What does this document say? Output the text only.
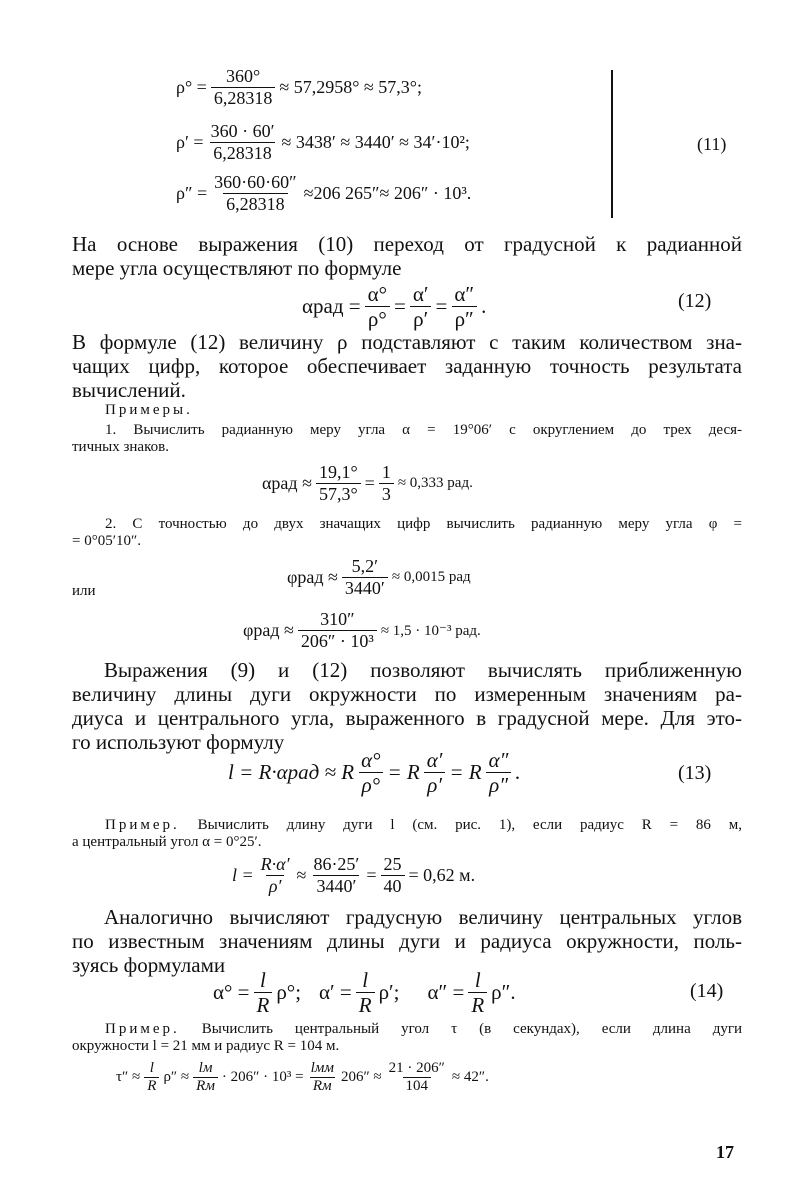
$\rho^\circ = \frac{360^\circ}{6,28318} \approx 57,2958^\circ \approx 57,3^\circ$;
$\rho' = \frac{360 \cdot 60'}{6,28318} \approx 3438' \approx 3440' \approx 34'\cdot 10^2$;
$\rho'' = \frac{360\cdot 60\cdot 60''}{6,28318} \approx 206$ 265″≈ 206″ · 10³.
(11)
На основе выражения (10) переход от градусной к радианной
мере угла осуществляют по формуле
$\alpha рад = \frac{\alpha^\circ}{\rho^\circ} = \frac{\alpha'}{\rho'} = \frac{\alpha''}{\rho''}$ .	(12)
В формуле (12) величину ρ подставляют с таким количеством зна-
чащих цифр, которое обеспечивает заданную точность результата
вычислений.
Примеры.
1. Вычислить радианную меру угла α = 19°06′ с округлением до трех деся-
тичных знаков.
$\alpha рад \approx \frac{19,1^\circ}{57,3^\circ} = \frac{1}{3} \approx 0,333$ рад.
2. С точностью до двух значащих цифр вычислить радианную меру угла φ =
= 0°05′10″.
$\varphi рад \approx \frac{5,2'}{3440'} \approx 0,0015$ рад
или
$\varphi рад \approx \frac{310''}{\text{206″ · 10³}} \approx 1,5 \cdot 10^{-3}$ рад.
Выражения (9) и (12) позволяют вычислять приближенную
величину длины дуги окружности по измеренным значениям ра-
диуса и центрального угла, выраженного в градусной мере. Для это-
го используют формулу
l = R·αрад ≈ R $\frac{\alpha^\circ}{\rho^\circ} = R \frac{\alpha'}{\rho'} = R \frac{\alpha''}{\rho''}$ .	(13)
Пример. Вычислить длину дуги l (см. рис. 1), если радиус R = 86 м,
а центральный угол α = 0°25′.
$l = \frac{R\cdot\alpha'}{\rho'} \approx \frac{86\cdot 25'}{3440'} = \frac{25}{40} = 0,62$ м.
Аналогично вычисляют градусную величину центральных углов
по известным значениям длины дуги и радиуса окружности, поль-
зуясь формулами
$\alpha^\circ = \frac{l}{R} \rho^\circ$; $\alpha' = \frac{l}{R} \rho'$; $\alpha'' = \frac{l}{R} \rho''$.	(14)
Пример. Вычислить центральный угол τ (в секундах), если длина дуги
окружности l = 21 мм и радиус R = 104 м.
$\tau'' \approx \frac{l}{R} \rho'' \approx \frac{lм}{Rм} \cdot 206'' \cdot 10^3 = \frac{\text{lмм}}{Rм} 206'' \approx \frac{21 \cdot 206''}{104} \approx 42''$.
17
